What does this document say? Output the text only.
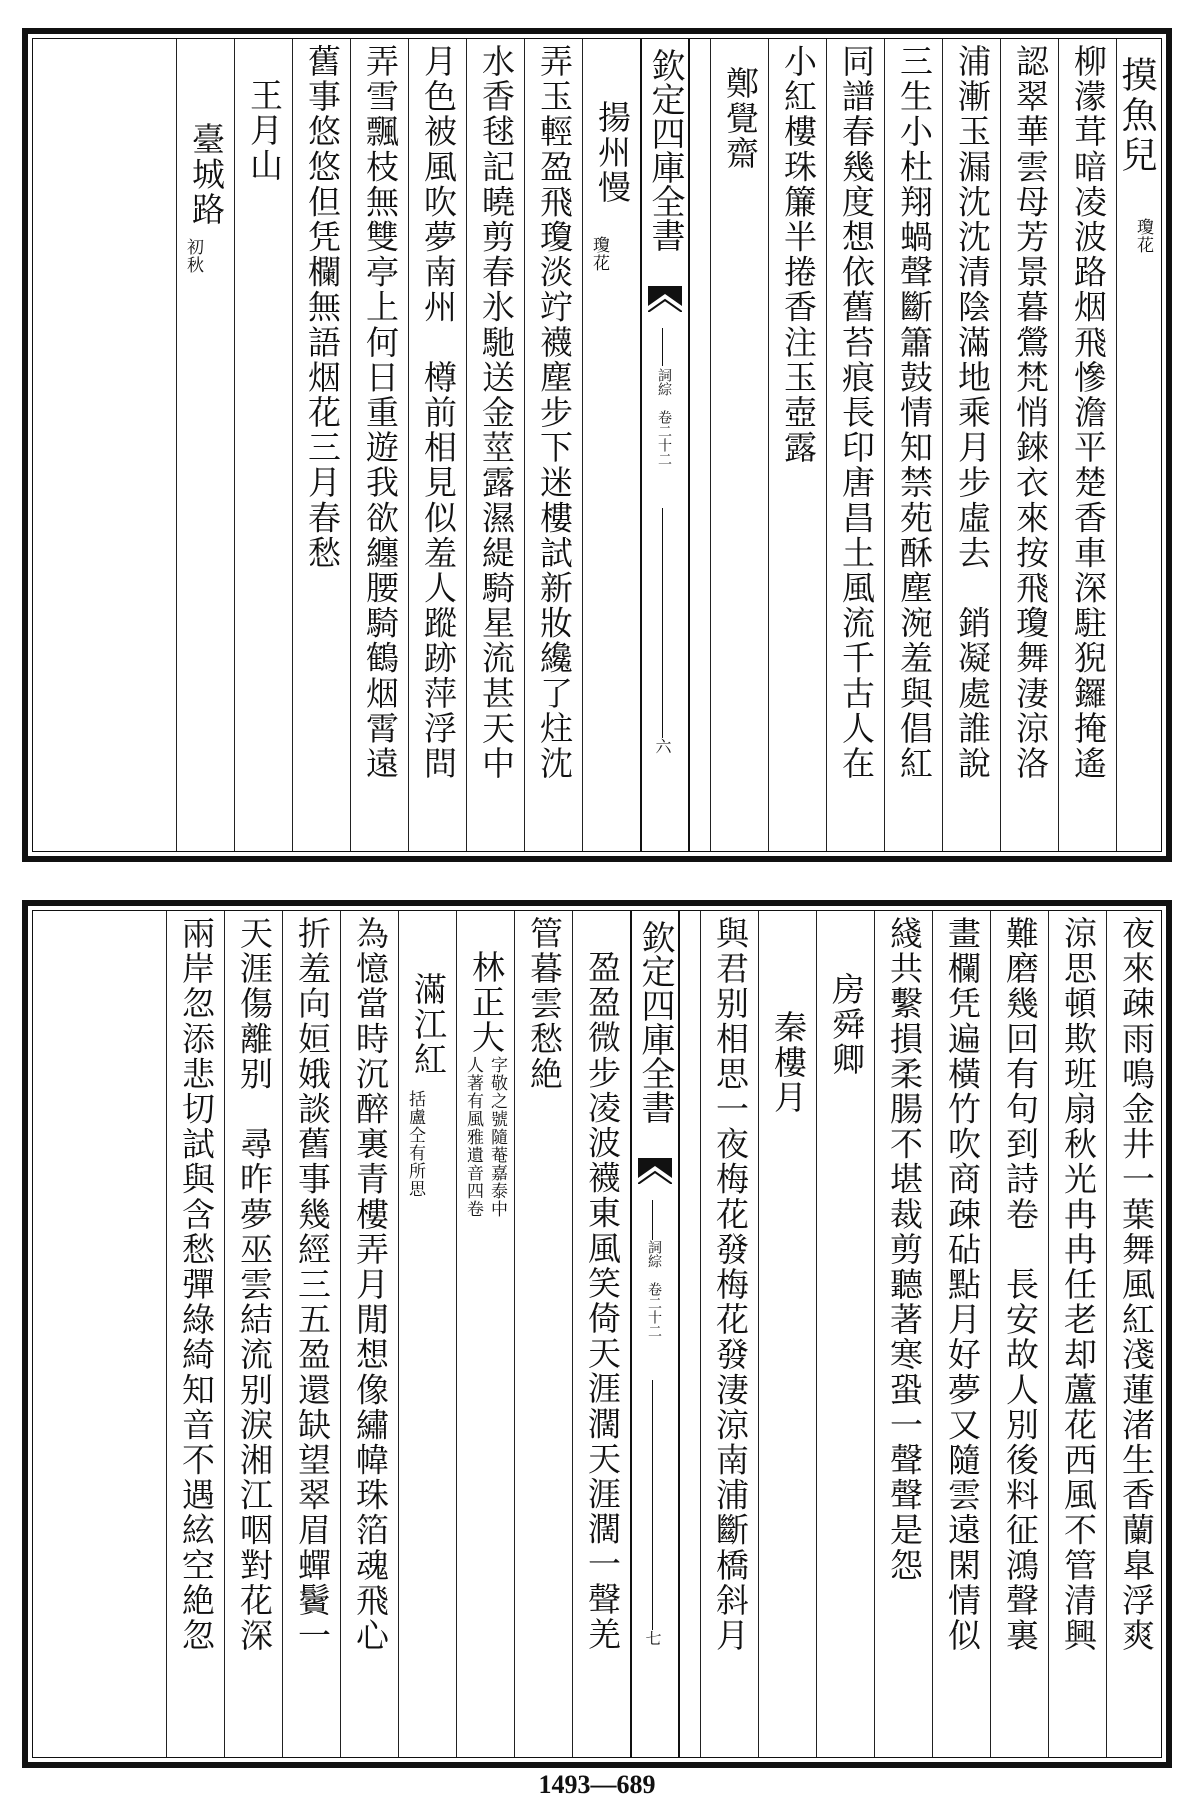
摸魚兒
瓊花
柳濛茸暗凌波路烟飛慘澹平楚香車深駐猊鑼掩遙
認翠華雲母芳景暮鶯梵悄錸衣來按飛瓊舞淒涼洛
浦漸玉漏沈沈清陰滿地乘月步虛去　銷凝處誰說
三生小杜翔蝸聲斷簫鼓情知禁苑酥塵涴羞與倡紅
同譜春幾度想依舊苔痕長印唐昌土風流千古人在
小紅樓珠簾半捲香注玉壺露
鄭覺齋
欽定四庫全書
詞綜　卷二十二
六
揚州慢
瓊花
弄玉輕盈飛瓊淡竚襪塵步下迷樓試新妝纔了炷沈
水香毬記曉剪春氷馳送金莖露濕緹騎星流甚天中
月色被風吹夢南州　樽前相見似羞人蹤跡萍浮問
弄雪飄枝無雙亭上何日重遊我欲纏腰騎鶴烟霄遠
舊事悠悠但凭欄無語烟花三月春愁
王月山
臺城路
初秋
夜來疎雨鳴金井一葉舞風紅淺蓮渚生香蘭臯浮爽
涼思頓欺班扇秋光冉冉任老却蘆花西風不管清興
難磨幾回有句到詩卷　長安故人別後料征鴻聲裏
畫欄凭遍橫竹吹商疎砧點月好夢又隨雲遠閑情似
綫共繫損柔腸不堪裁剪聽著寒蛩一聲聲是怨
房舜卿
秦樓月
與君别相思一夜梅花發梅花發淒涼南浦斷橋斜月
欽定四庫全書
詞綜　卷二十二
七
盈盈微步凌波襪東風笑倚天涯濶天涯濶一聲羌
管暮雲愁絶
林正大
字敬之號隨菴嘉泰中
人著有風雅遺音四卷
滿江紅
括盧仝有所思
為憶當時沉醉裏青樓弄月閒想像繡幃珠箔魂飛心
折羞向姮娥談舊事幾經三五盈還缺望翠眉蟬鬢一
天涯傷離别　尋昨夢巫雲結流别淚湘江咽對花深
兩岸忽添悲切試與含愁彈綠綺知音不遇絃空絶忽
1493—689
